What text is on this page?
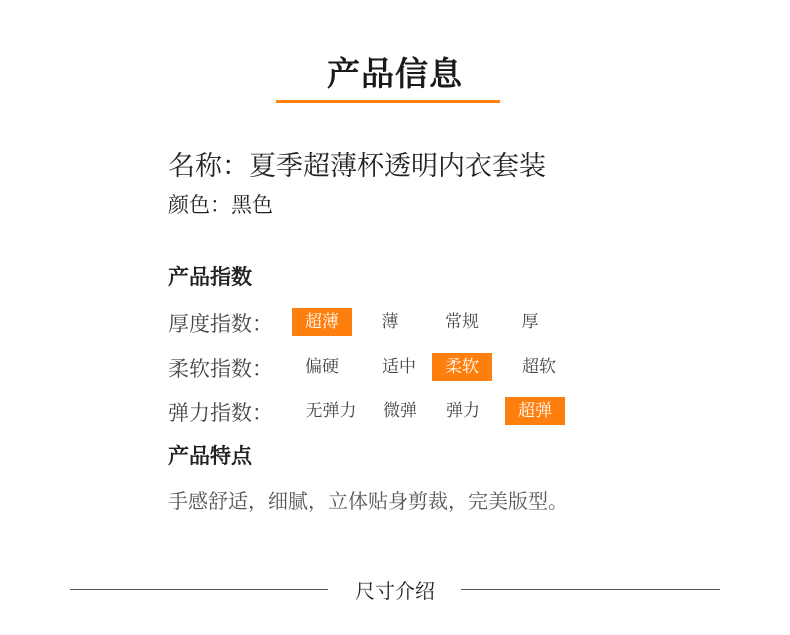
产品信息
名称：夏季超薄杯透明内衣套装
颜色：黑色
产品指数
厚度指数：	超薄	薄	常规	厚
柔软指数：	偏硬	适中	柔软	超软
弹力指数：	无弹力	微弹	弹力	超弹
产品特点
手感舒适，细腻，立体贴身剪裁，完美版型。
尺寸介绍
